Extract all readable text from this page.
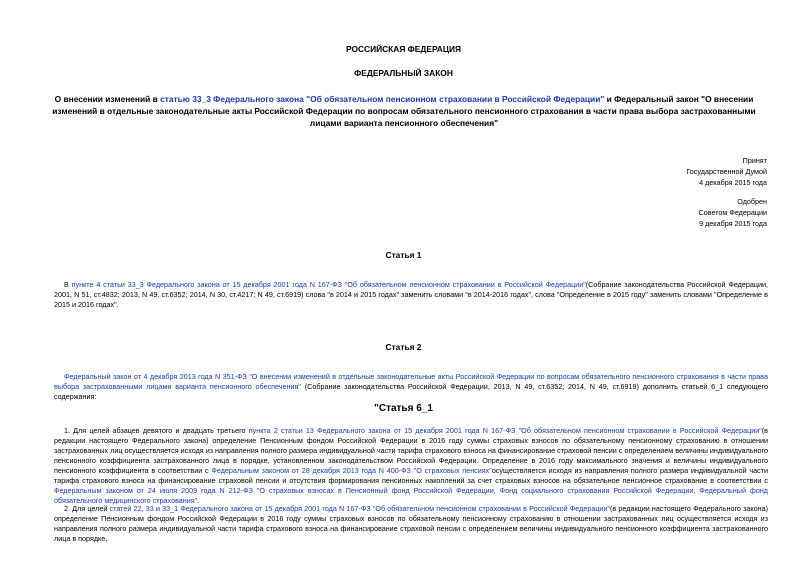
РОССИЙСКАЯ ФЕДЕРАЦИЯ
ФЕДЕРАЛЬНЫЙ ЗАКОН
О внесении изменений в статью 33_3 Федерального закона "Об обязательном пенсионном страховании в Российской Федерации" и Федеральный закон "О внесении изменений в отдельные законодательные акты Российской Федерации по вопросам обязательного пенсионного страхования в части права выбора застрахованными лицами варианта пенсионного обеспечения"
Принят
Государственной Думой
4 декабря 2015 года
Одобрен
Советом Федерации
9 декабря 2015 года
Статья 1
В пункте 4 статьи 33_3 Федерального закона от 15 декабря 2001 года N 167-ФЗ "Об обязательном пенсионном страховании в Российской Федерации"(Собрание законодательства Российской Федерации, 2001, N 51, ст.4832; 2013, N 49, ст.6352; 2014, N 30, ст.4217; N 49, ст.6919) слова "в 2014 и 2015 годах" заменить словами "в 2014-2016 годах", слова "Определение в 2015 году" заменить словами "Определение в 2015 и 2016 годах".
Статья 2
Федеральный закон от 4 декабря 2013 года N 351-ФЗ "О внесении изменений в отдельные законодательные акты Российской Федерации по вопросам обязательного пенсионного страхования в части права выбора застрахованными лицами варианта пенсионного обеспечения" (Собрание законодательства Российской Федерации, 2013, N 49, ст.6352; 2014, N 49, ст.6919) дополнить статьей 6_1 следующего содержания:
"Статья 6_1
1. Для целей абзацев девятого и двадцать третьего пункта 2 статьи 13 Федерального закона от 15 декабря 2001 года N 167-ФЗ "Об обязательном пенсионном страховании в Российской Федерации"(в редакции настоящего Федерального закона) определение Пенсионным фондом Российской Федерации в 2016 году суммы страховых взносов по обязательному пенсионному страхованию в отношении застрахованных лиц осуществляется исходя из направления полного размера индивидуальной части тарифа страхового взноса на финансирование страховой пенсии с определением величины индивидуального пенсионного коэффициента застрахованного лица в порядке, установленном законодательством Российской Федерации. Определение в 2016 году максимального значения и величины индивидуального пенсионного коэффициента в соответствии с Федеральным законом от 28 декабря 2013 года N 400-ФЗ "О страховых пенсиях"осуществляется исходя из направления полного размера индивидуальной части тарифа страхового взноса на финансирование страховой пенсии и отсутствия формирования пенсионных накоплений за счет страховых взносов на обязательное пенсионное страхование в соответствии с Федеральным законом от 24 июля 2009 года N 212-ФЗ "О страховых взносах в Пенсионный фонд Российской Федерации, Фонд социального страхования Российской Федерации, Федеральный фонд обязательного медицинского страхования".
2. Для целей статей 22, 33 и 33_1 Федерального закона от 15 декабря 2001 года N 167-ФЗ "Об обязательном пенсионном страховании в Российской Федерации"(в редакции настоящего Федерального закона) определение Пенсионным фондом Российской Федерации в 2016 году суммы страховых взносов по обязательному пенсионному страхованию в отношении застрахованных лиц осуществляется исходя из направления полного размера индивидуальной части тарифа страхового взноса на финансирование страховой пенсии с определением величины индивидуального пенсионного коэффициента застрахованного лица в порядке,
